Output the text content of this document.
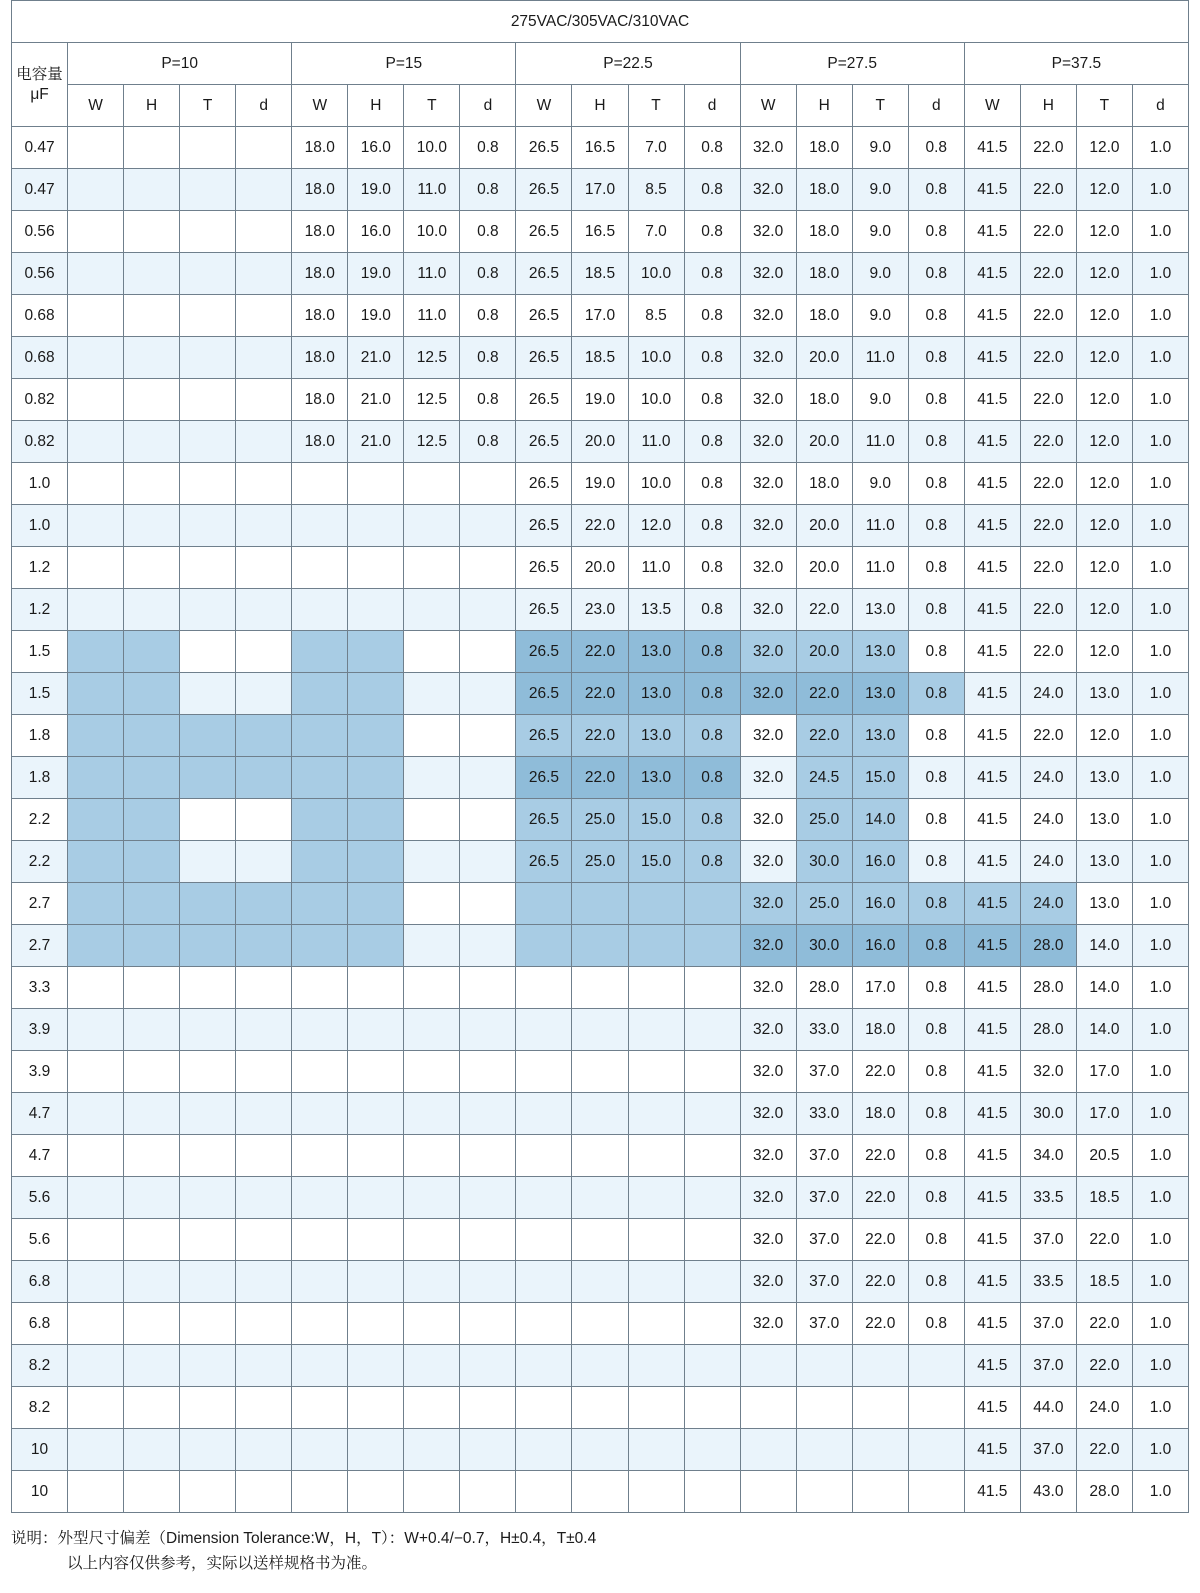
275VAC/305VAC/310VAC																				

电容量
μF	P=10				P=15				P=22.5				P=27.5				P=37.5			
	W	H	T	d	W	H	T	d	W	H	T	d	W	H	T	d	W	H	T	d
0.47					18.0	16.0	10.0	0.8	26.5	16.5	7.0	0.8	32.0	18.0	9.0	0.8	41.5	22.0	12.0	1.0
0.47					18.0	19.0	11.0	0.8	26.5	17.0	8.5	0.8	32.0	18.0	9.0	0.8	41.5	22.0	12.0	1.0
0.56					18.0	16.0	10.0	0.8	26.5	16.5	7.0	0.8	32.0	18.0	9.0	0.8	41.5	22.0	12.0	1.0
0.56					18.0	19.0	11.0	0.8	26.5	18.5	10.0	0.8	32.0	18.0	9.0	0.8	41.5	22.0	12.0	1.0
0.68					18.0	19.0	11.0	0.8	26.5	17.0	8.5	0.8	32.0	18.0	9.0	0.8	41.5	22.0	12.0	1.0
0.68					18.0	21.0	12.5	0.8	26.5	18.5	10.0	0.8	32.0	20.0	11.0	0.8	41.5	22.0	12.0	1.0
0.82					18.0	21.0	12.5	0.8	26.5	19.0	10.0	0.8	32.0	18.0	9.0	0.8	41.5	22.0	12.0	1.0
0.82					18.0	21.0	12.5	0.8	26.5	20.0	11.0	0.8	32.0	20.0	11.0	0.8	41.5	22.0	12.0	1.0
1.0									26.5	19.0	10.0	0.8	32.0	18.0	9.0	0.8	41.5	22.0	12.0	1.0
1.0									26.5	22.0	12.0	0.8	32.0	20.0	11.0	0.8	41.5	22.0	12.0	1.0
1.2									26.5	20.0	11.0	0.8	32.0	20.0	11.0	0.8	41.5	22.0	12.0	1.0
1.2									26.5	23.0	13.5	0.8	32.0	22.0	13.0	0.8	41.5	22.0	12.0	1.0
1.5									26.5	22.0	13.0	0.8	32.0	20.0	13.0	0.8	41.5	22.0	12.0	1.0
1.5									26.5	22.0	13.0	0.8	32.0	22.0	13.0	0.8	41.5	24.0	13.0	1.0
1.8									26.5	22.0	13.0	0.8	32.0	22.0	13.0	0.8	41.5	22.0	12.0	1.0
1.8									26.5	22.0	13.0	0.8	32.0	24.5	15.0	0.8	41.5	24.0	13.0	1.0
2.2									26.5	25.0	15.0	0.8	32.0	25.0	14.0	0.8	41.5	24.0	13.0	1.0
2.2									26.5	25.0	15.0	0.8	32.0	30.0	16.0	0.8	41.5	24.0	13.0	1.0
2.7													32.0	25.0	16.0	0.8	41.5	24.0	13.0	1.0
2.7													32.0	30.0	16.0	0.8	41.5	28.0	14.0	1.0
3.3													32.0	28.0	17.0	0.8	41.5	28.0	14.0	1.0
3.9													32.0	33.0	18.0	0.8	41.5	28.0	14.0	1.0
3.9													32.0	37.0	22.0	0.8	41.5	32.0	17.0	1.0
4.7													32.0	33.0	18.0	0.8	41.5	30.0	17.0	1.0
4.7													32.0	37.0	22.0	0.8	41.5	34.0	20.5	1.0
5.6													32.0	37.0	22.0	0.8	41.5	33.5	18.5	1.0
5.6													32.0	37.0	22.0	0.8	41.5	37.0	22.0	1.0
6.8													32.0	37.0	22.0	0.8	41.5	33.5	18.5	1.0
6.8													32.0	37.0	22.0	0.8	41.5	37.0	22.0	1.0
8.2																	41.5	37.0	22.0	1.0
8.2																	41.5	44.0	24.0	1.0
10																	41.5	37.0	22.0	1.0
10																	41.5	43.0	28.0	1.0
说明：外型尺寸偏差（Dimension Tolerance:W，H，T）：W+0.4/−0.7，H±0.4，T±0.4
以上内容仅供参考，实际以送样规格书为准。
